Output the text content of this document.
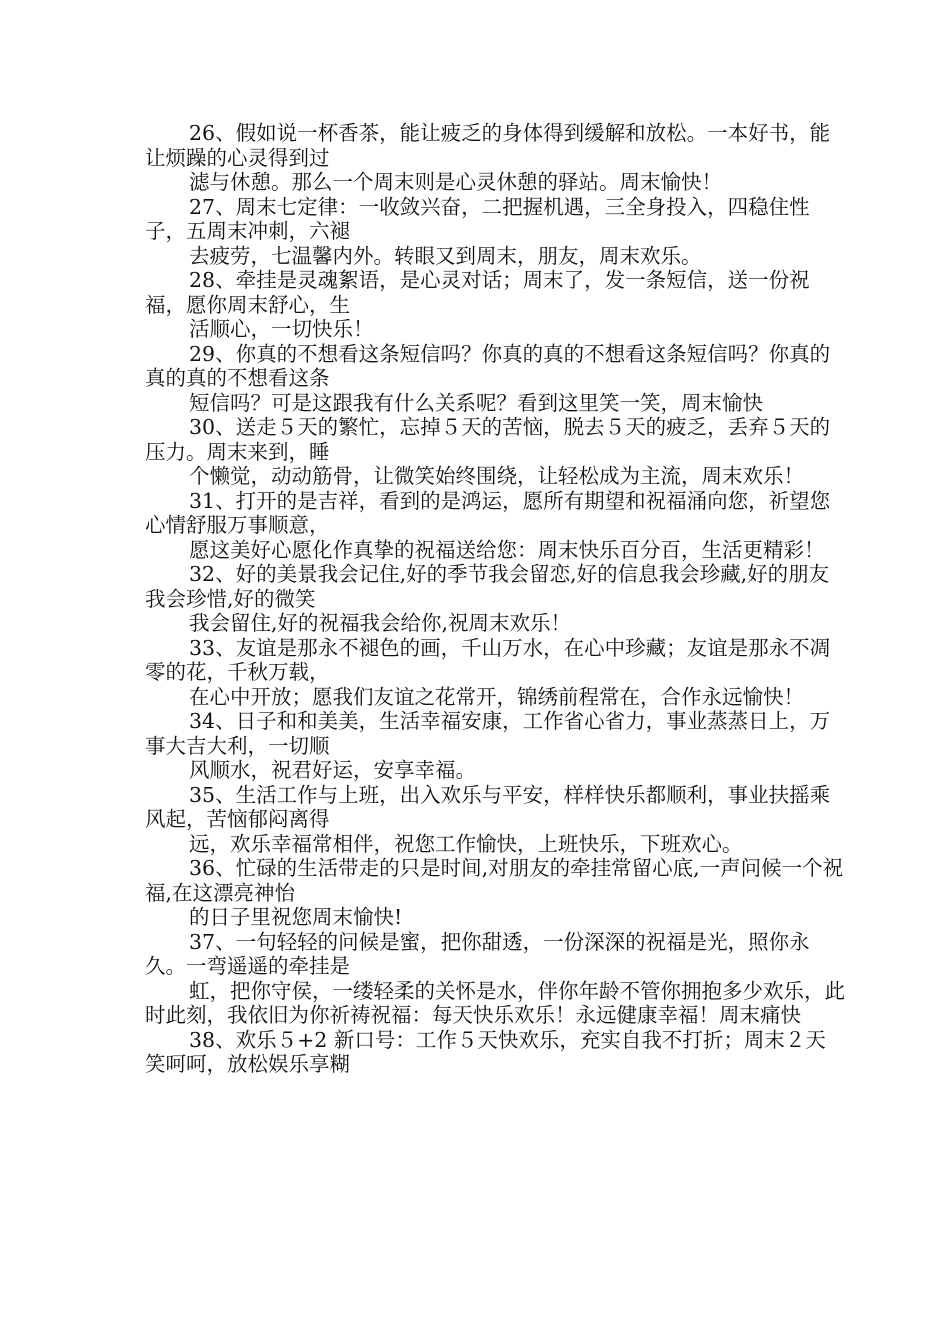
26、假如说一杯香茶，能让疲乏的身体得到缓解和放松。一本好书，能让烦躁的心灵得到过

滤与休憩。那么一个周末则是心灵休憩的驿站。周末愉快！

27、周末七定律：一收敛兴奋，二把握机遇，三全身投入，四稳住性子，五周末冲刺，六褪

去疲劳，七温馨内外。转眼又到周末，朋友，周末欢乐。

28、牵挂是灵魂絮语，是心灵对话；周末了，发一条短信，送一份祝福，愿你周末舒心，生

活顺心，一切快乐！

29、你真的不想看这条短信吗？你真的真的不想看这条短信吗？你真的真的真的不想看这条

短信吗？可是这跟我有什么关系呢？看到这里笑一笑，周末愉快

30、送走５天的繁忙，忘掉５天的苦恼，脱去５天的疲乏，丢弃５天的压力。周末来到，睡

个懒觉，动动筋骨，让微笑始终围绕，让轻松成为主流，周末欢乐！

31、打开的是吉祥，看到的是鸿运，愿所有期望和祝福涌向您，祈望您心情舒服万事顺意，

愿这美好心愿化作真挚的祝福送给您：周末快乐百分百，生活更精彩！

32、好的美景我会记住,好的季节我会留恋,好的信息我会珍藏,好的朋友我会珍惜,好的微笑

我会留住,好的祝福我会给你,祝周末欢乐！

33、友谊是那永不褪色的画，千山万水，在心中珍藏；友谊是那永不凋零的花，千秋万载，

在心中开放；愿我们友谊之花常开，锦绣前程常在，合作永远愉快！

34、日子和和美美，生活幸福安康，工作省心省力，事业蒸蒸日上，万事大吉大利，一切顺

风顺水，祝君好运，安享幸福。

35、生活工作与上班，出入欢乐与平安，样样快乐都顺利，事业扶摇乘风起，苦恼郁闷离得

远，欢乐幸福常相伴，祝您工作愉快，上班快乐，下班欢心。

36、忙碌的生活带走的只是时间,对朋友的牵挂常留心底,一声问候一个祝福,在这漂亮神怡

的日子里祝您周末愉快!

37、一句轻轻的问候是蜜，把你甜透，一份深深的祝福是光，照你永久。一弯遥遥的牵挂是

虹，把你守侯，一缕轻柔的关怀是水，伴你年龄不管你拥抱多少欢乐，此时此刻，我依旧为你祈祷祝福：每天快乐欢乐！永远健康幸福！周末痛快

38、欢乐５+2 新口号：工作５天快欢乐，充实自我不打折；周末２天笑呵呵，放松娱乐享糊
